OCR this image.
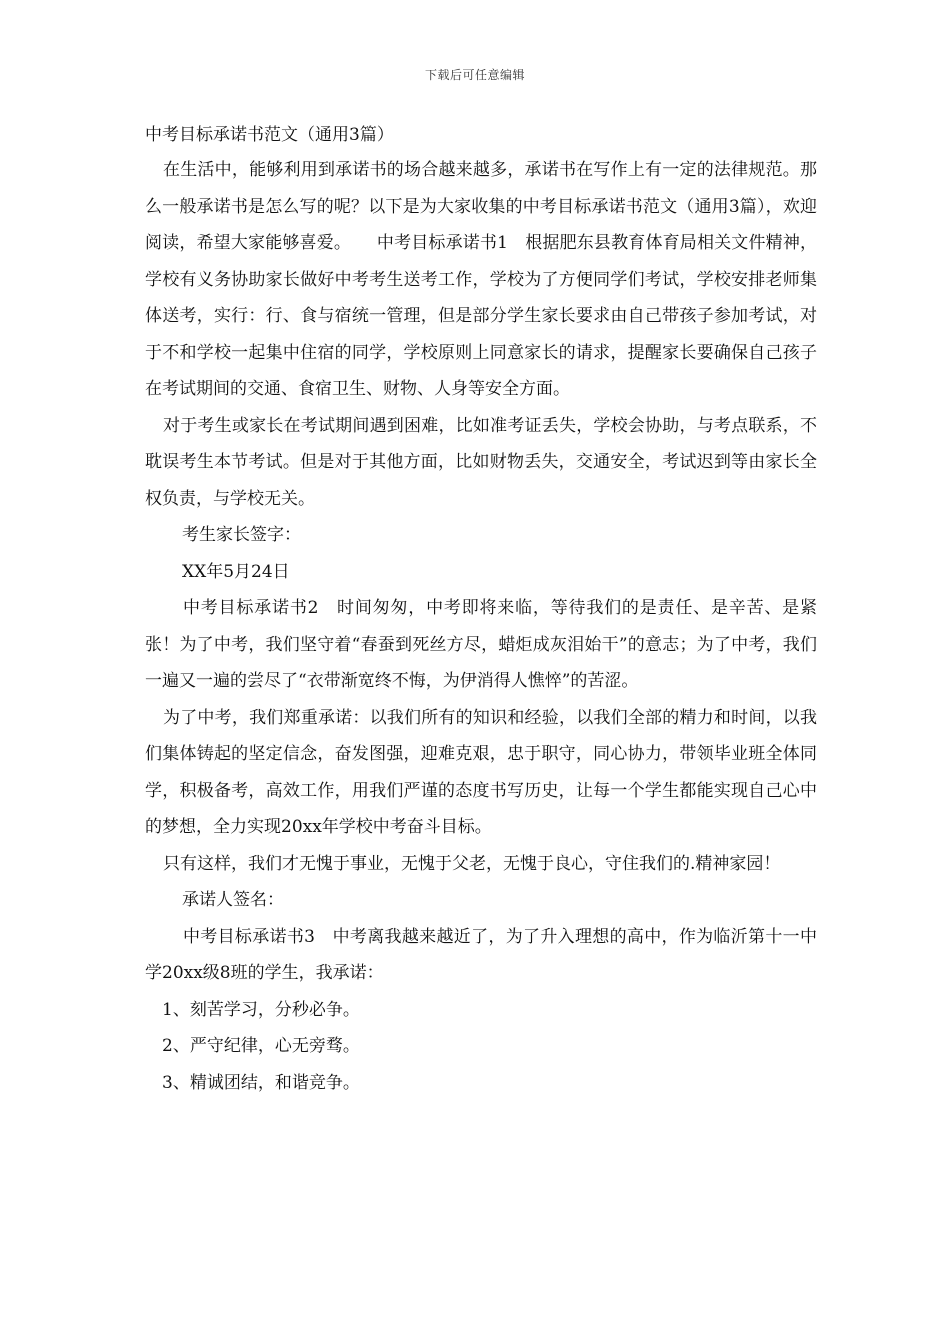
下载后可任意编辑

中考目标承诺书范文（通用3篇）

在生活中，能够利用到承诺书的场合越来越多，承诺书在写作上有一定的法律规范。那么一般承诺书是怎么写的呢？以下是为大家收集的中考目标承诺书范文（通用3篇），欢迎阅读，希望大家能够喜爱。　　中考目标承诺书1　根据肥东县教育体育局相关文件精神，学校有义务协助家长做好中考考生送考工作，学校为了方便同学们考试，学校安排老师集体送考，实行：行、食与宿统一管理，但是部分学生家长要求由自己带孩子参加考试，对于不和学校一起集中住宿的同学，学校原则上同意家长的请求，提醒家长要确保自己孩子在考试期间的交通、食宿卫生、财物、人身等安全方面。

对于考生或家长在考试期间遇到困难，比如准考证丢失，学校会协助，与考点联系，不耽误考生本节考试。但是对于其他方面，比如财物丢失，交通安全，考试迟到等由家长全权负责，与学校无关。

考生家长签字：

XX年5月24日

中考目标承诺书2　时间匆匆，中考即将来临，等待我们的是责任、是辛苦、是紧张！为了中考，我们坚守着“春蚕到死丝方尽，蜡炬成灰泪始干”的意志；为了中考，我们一遍又一遍的尝尽了“衣带渐宽终不悔，为伊消得人憔悴”的苦涩。

为了中考，我们郑重承诺：以我们所有的知识和经验，以我们全部的精力和时间，以我们集体铸起的坚定信念，奋发图强，迎难克艰，忠于职守，同心协力，带领毕业班全体同学，积极备考，高效工作，用我们严谨的态度书写历史，让每一个学生都能实现自己心中的梦想，全力实现20xx年学校中考奋斗目标。

只有这样，我们才无愧于事业，无愧于父老，无愧于良心，守住我们的.精神家园！

承诺人签名：

中考目标承诺书3　中考离我越来越近了，为了升入理想的高中，作为临沂第十一中学20xx级8班的学生，我承诺：

1、刻苦学习，分秒必争。

2、严守纪律，心无旁骛。

3、精诚团结，和谐竞争。
